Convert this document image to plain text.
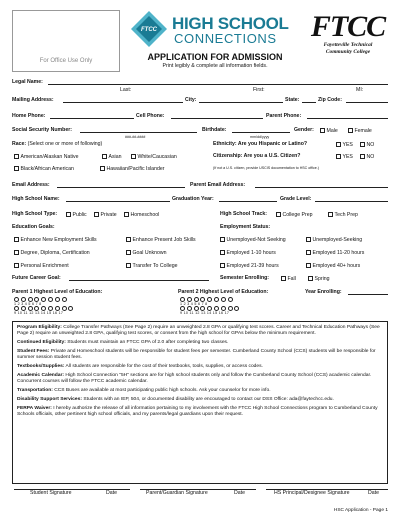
For Office Use Only
FTCC HIGH SCHOOL
CONNECTIONS FTCC
Fayetteville Technical
Community College
APPLICATION FOR ADMISSION
Print legibly & complete all information fields.
Legal Name:
Last:	First:	MI:
Mailing Address:	City:	State:	Zip Code:
Home Phone:	Cell Phone:	Parent Phone:
Social Security Number:
###-##-####
Birthdate:
mm/dd/yyyy
Gender:	Male	Female
Race: (Select one or more of following)
American/Alaskan Native	Asian	White/Caucasian
Black/African American	Hawaiian/Pacific Islander
Ethnicity: Are you Hispanic or Latino?	YES	NO
Citizenship: Are you a U.S. Citizen?	YES	NO
(If not a U.S. citizen, provide USCIS documentation to HSC office.)
Email Address:	Parent Email Address:
High School Name:	Graduation Year:	Grade Level:
High School Type:	Public	Private	Homeschool	High School Track:	College Prep	Tech Prep
Education Goals:	Employment Status:
Enhance New Employment Skills	Enhance Present Job Skills
Degree, Diploma, Certification	Goal Unknown
Personal Enrichment	Transfer To College
Unemployed-Not Seeking	Unemployed-Seeking
Employed 1-10 hours	Employed 11-20 hours
Employed 21-39 hours	Employed 40+ hours
Future Career Goal:	Semester Enrolling:	Fall	Spring
Parent 1 Highest Level of Education:
1 2 3 4 5 6 7 8
9 10 11 12 13 14 15 16 17
Parent 2 Highest Level of Education:
1 2 3 4 5 6 7 8
9 10 11 12 13 14 15 16 17
Year Enrolling:

Program Eligibility: College Transfer Pathways (See Page 2) require an unweighted 2.8 GPA or qualifying test scores. Career and Technical Education Pathways (See Page 2) require an unweighted 2.8 GPA, qualifying test scores, or consent from the high school for GPAs below the minimum requirement.

Continued Eligibility: Students must maintain an FTCC GPA of 2.0 after completing two classes.

Student Fees: Private and Homeschool students will be responsible for student fees per semester. Cumberland County School (CCS) students will be responsible for summer session student fees.

Textbooks/Supplies: All students are responsible for the cost of their textbooks, tools, supplies, or access codes.

Academic Calendar: High School Connection "5H" sections are for high school students only and follow the Cumberland County School (CCS) academic calendar. Concurrent courses will follow the FTCC academic calendar.

Transportation: CCS Buses are available at most participating public high schools. Ask your counselor for more info.

Disability Support Services: Students with an IEP, 504, or documented disability are encouraged to contact our DSS Office: ada@faytechcc.edu.

FERPA Waiver: I hereby authorize the release of all information pertaining to my involvement with the FTCC High School Connections program to Cumberland County Schools officials, other pertinent high school officials, and my parents/legal guardians upon their request.

Student Signature	Date	Parent/Guardian Signature	Date	HS Principal/Designee Signature	Date
HSC Application - Page 1
